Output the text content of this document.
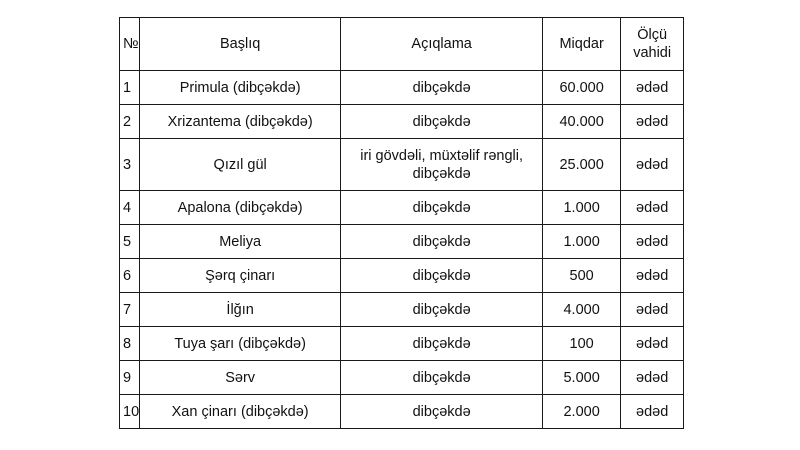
№	Başlıq	Açıqlama	Miqdar	Ölçü vahidi
1	Primula (dibçəkdə)	dibçəkdə	60.000	ədəd
2	Xrizantema (dibçəkdə)	dibçəkdə	40.000	ədəd
3	Qızıl gül	iri gövdəli, müxtəlif rəngli, dibçəkdə	25.000	ədəd
4	Apalona (dibçəkdə)	dibçəkdə	1.000	ədəd
5	Meliya	dibçəkdə	1.000	ədəd
6	Şərq çinarı	dibçəkdə	500	ədəd
7	İlğın	dibçəkdə	4.000	ədəd
8	Tuya şarı (dibçəkdə)	dibçəkdə	100	ədəd
9	Sərv	dibçəkdə	5.000	ədəd
10	Xan çinarı (dibçəkdə)	dibçəkdə	2.000	ədəd
